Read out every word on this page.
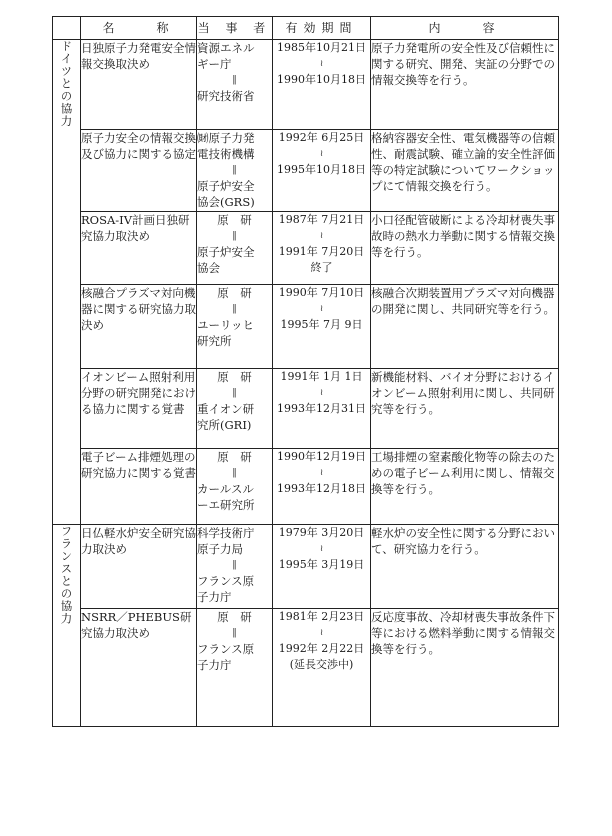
	名　　称	当 事 者	有効期間	内　　容
ドイツとの協力	日独原子力発電安全情報交換取決め	資源エネル
ギー庁
‖
研究技術省	1985年10月21日
≀
1990年10月18日	原子力発電所の安全性及び信頼性に関する研究、開発、実証の分野での情報交換等を行う。

	原子力安全の情報交換及び協力に関する協定	㈶原子力発
電技術機構
‖
原子炉安全
協会(GRS)	1992年 6月25日
≀
1995年10月18日	格納容器安全性、電気機器等の信頼性、耐震試験、確立論的安全性評価等の特定試験についてワークショップにて情報交換を行う。

	ROSA-IV計画日独研究協力取決め	原　研
‖
原子炉安全
協会	1987年 7月21日
≀
1991年 7月20日
終了	小口径配管破断による冷却材喪失事故時の熱水力挙動に関する情報交換等を行う。

	核融合プラズマ対向機器に関する研究協力取決め	原　研
‖
ユーリッヒ
研究所	1990年 7月10日
≀
1995年 7月 9日	核融合次期装置用プラズマ対向機器の開発に関し、共同研究等を行う。

	イオンビーム照射利用分野の研究開発における協力に関する覚書	原　研
‖
重イオン研
究所(GRI)	1991年 1月 1日
≀
1993年12月31日	新機能材料、バイオ分野におけるイオンビーム照射利用に関し、共同研究等を行う。

	電子ビーム排煙処理の研究協力に関する覚書	原　研
‖
カールスル
ーエ研究所	1990年12月19日
≀
1993年12月18日	工場排煙の窒素酸化物等の除去のための電子ビーム利用に関し、情報交換等を行う。

フランスとの協力	日仏軽水炉安全研究協力取決め	科学技術庁
原子力局
‖
フランス原
子力庁	1979年 3月20日
≀
1995年 3月19日	軽水炉の安全性に関する分野において、研究協力を行う。

	NSRR／PHEBUS研究協力取決め	原　研
‖
フランス原
子力庁	1981年 2月23日
≀
1992年 2月22日
(延長交渉中)	反応度事故、冷却材喪失事故条件下等における燃料挙動に関する情報交換等を行う。
